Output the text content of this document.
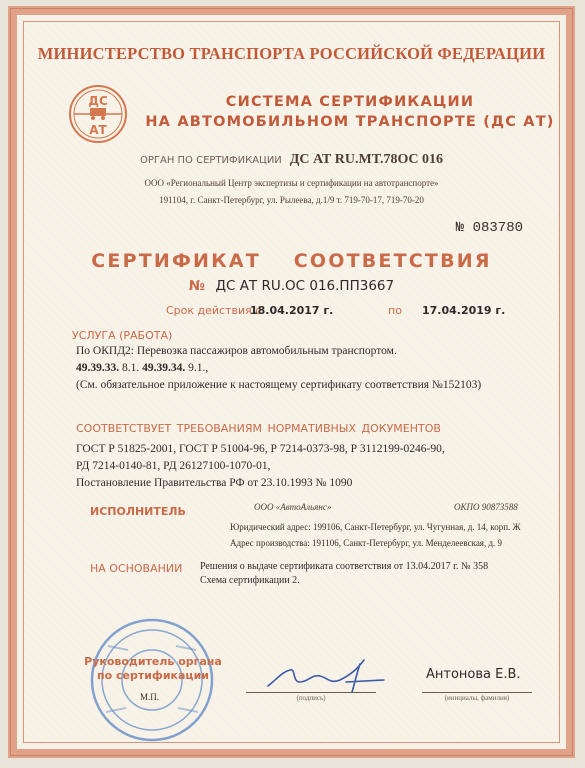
МИНИСТЕРСТВО ТРАНСПОРТА РОССИЙСКОЙ ФЕДЕРАЦИИ
ДС
АТ
СИСТЕМА СЕРТИФИКАЦИИ
НА АВТОМОБИЛЬНОМ ТРАНСПОРТЕ (ДС АТ)
ОРГАН ПО СЕРТИФИКАЦИИ ДС АТ RU.MT.78OC 016
ООО «Региональный Центр экспертизы и сертификации на автотранспорте»
191104, г. Санкт-Петербург, ул. Рылеева, д.1/9 т. 719-70-17, 719-70-20
№ 083780
СЕРТИФИКАТ СООТВЕТСТВИЯ
№ ДС АТ RU.ОС 016.ПП3667
Срок действия с
18.04.2017 г.	по 17.04.2019 г.
УСЛУГА (РАБОТА)
По ОКПД2: Перевозка пассажиров автомобильным транспортом.
49.39.33. 8.1. 49.39.34. 9.1.,
(См. обязательное приложение к настоящему сертификату соответствия №152103)
СООТВЕТСТВУЕТ ТРЕБОВАНИЯМ НОРМАТИВНЫХ ДОКУМЕНТОВ
ГОСТ Р 51825-2001, ГОСТ Р 51004-96, Р 7214-0373-98, Р 3112199-0246-90,
РД 7214-0140-81, РД 26127100-1070-01,
Постановление Правительства РФ от 23.10.1993 № 1090
ИСПОЛНИТЕЛЬ	ООО «АвтоАльянс»	ОКПО 90873588
Юридический адрес: 199106, Санкт-Петербург, ул. Чугунная, д. 14, корп. Ж
Адрес производства: 191106, Санкт-Петербург, ул. Менделеевская, д. 9
НА ОСНОВАНИИ Решения о выдаче сертификата соответствия от 13.04.2017 г. № 358
Схема сертификации 2.
Руководитель органа
по сертификации
М.П.
Антонова Е.В.
(подпись)	(инициалы, фамилия)
